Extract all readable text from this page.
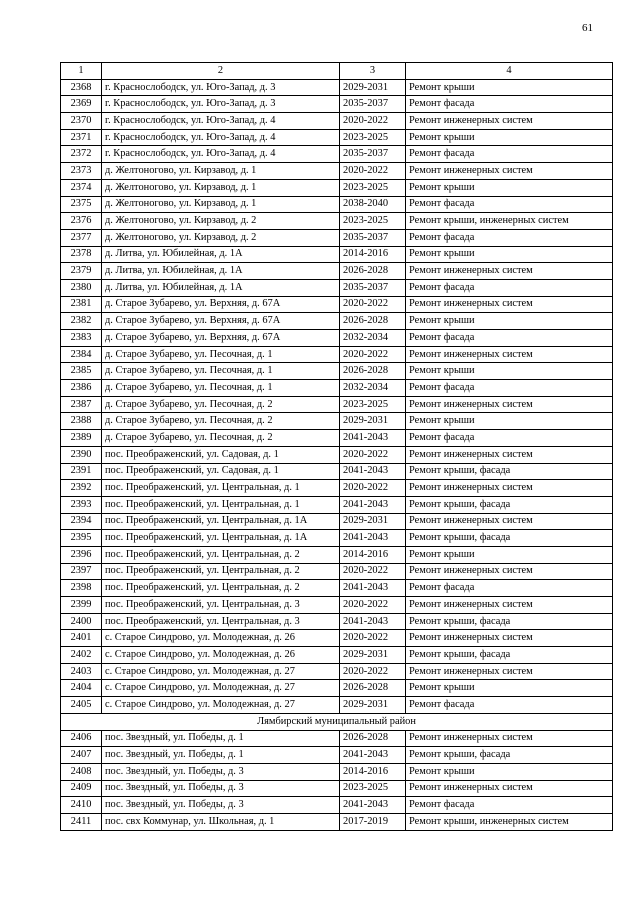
61
1	2	3	4
2368	г. Краснослободск, ул. Юго-Запад, д. 3	2029-2031	Ремонт крыши
2369	г. Краснослободск, ул. Юго-Запад, д. 3	2035-2037	Ремонт фасада
2370	г. Краснослободск, ул. Юго-Запад, д. 4	2020-2022	Ремонт инженерных систем
2371	г. Краснослободск, ул. Юго-Запад, д. 4	2023-2025	Ремонт крыши
2372	г. Краснослободск, ул. Юго-Запад, д. 4	2035-2037	Ремонт фасада
2373	д. Желтоногово, ул. Кирзавод, д. 1	2020-2022	Ремонт инженерных систем
2374	д. Желтоногово, ул. Кирзавод, д. 1	2023-2025	Ремонт крыши
2375	д. Желтоногово, ул. Кирзавод, д. 1	2038-2040	Ремонт фасада
2376	д. Желтоногово, ул. Кирзавод, д. 2	2023-2025	Ремонт крыши, инженерных систем
2377	д. Желтоногово, ул. Кирзавод, д. 2	2035-2037	Ремонт фасада
2378	д. Литва, ул. Юбилейная, д. 1А	2014-2016	Ремонт крыши
2379	д. Литва, ул. Юбилейная, д. 1А	2026-2028	Ремонт инженерных систем
2380	д. Литва, ул. Юбилейная, д. 1А	2035-2037	Ремонт фасада
2381	д. Старое Зубарево, ул. Верхняя, д. 67А	2020-2022	Ремонт инженерных систем
2382	д. Старое Зубарево, ул. Верхняя, д. 67А	2026-2028	Ремонт крыши
2383	д. Старое Зубарево, ул. Верхняя, д. 67А	2032-2034	Ремонт фасада
2384	д. Старое Зубарево, ул. Песочная, д. 1	2020-2022	Ремонт инженерных систем
2385	д. Старое Зубарево, ул. Песочная, д. 1	2026-2028	Ремонт крыши
2386	д. Старое Зубарево, ул. Песочная, д. 1	2032-2034	Ремонт фасада
2387	д. Старое Зубарево, ул. Песочная, д. 2	2023-2025	Ремонт инженерных систем
2388	д. Старое Зубарево, ул. Песочная, д. 2	2029-2031	Ремонт крыши
2389	д. Старое Зубарево, ул. Песочная, д. 2	2041-2043	Ремонт фасада
2390	пос. Преображенский, ул. Садовая, д. 1	2020-2022	Ремонт инженерных систем
2391	пос. Преображенский, ул. Садовая, д. 1	2041-2043	Ремонт крыши, фасада
2392	пос. Преображенский, ул. Центральная, д. 1	2020-2022	Ремонт инженерных систем
2393	пос. Преображенский, ул. Центральная, д. 1	2041-2043	Ремонт крыши, фасада
2394	пос. Преображенский, ул. Центральная, д. 1А	2029-2031	Ремонт инженерных систем
2395	пос. Преображенский, ул. Центральная, д. 1А	2041-2043	Ремонт крыши, фасада
2396	пос. Преображенский, ул. Центральная, д. 2	2014-2016	Ремонт крыши
2397	пос. Преображенский, ул. Центральная, д. 2	2020-2022	Ремонт инженерных систем
2398	пос. Преображенский, ул. Центральная, д. 2	2041-2043	Ремонт фасада
2399	пос. Преображенский, ул. Центральная, д. 3	2020-2022	Ремонт инженерных систем
2400	пос. Преображенский, ул. Центральная, д. 3	2041-2043	Ремонт крыши, фасада
2401	с. Старое Синдрово, ул. Молодежная, д. 26	2020-2022	Ремонт инженерных систем
2402	с. Старое Синдрово, ул. Молодежная, д. 26	2029-2031	Ремонт крыши, фасада
2403	с. Старое Синдрово, ул. Молодежная, д. 27	2020-2022	Ремонт инженерных систем
2404	с. Старое Синдрово, ул. Молодежная, д. 27	2026-2028	Ремонт крыши
2405	с. Старое Синдрово, ул. Молодежная, д. 27	2029-2031	Ремонт фасада
Лямбирский муниципальный район			
2406	пос. Звездный, ул. Победы, д. 1	2026-2028	Ремонт инженерных систем
2407	пос. Звездный, ул. Победы, д. 1	2041-2043	Ремонт крыши, фасада
2408	пос. Звездный, ул. Победы, д. 3	2014-2016	Ремонт крыши
2409	пос. Звездный, ул. Победы, д. 3	2023-2025	Ремонт инженерных систем
2410	пос. Звездный, ул. Победы, д. 3	2041-2043	Ремонт фасада
2411	пос. свх Коммунар, ул. Школьная, д. 1	2017-2019	Ремонт крыши, инженерных систем
